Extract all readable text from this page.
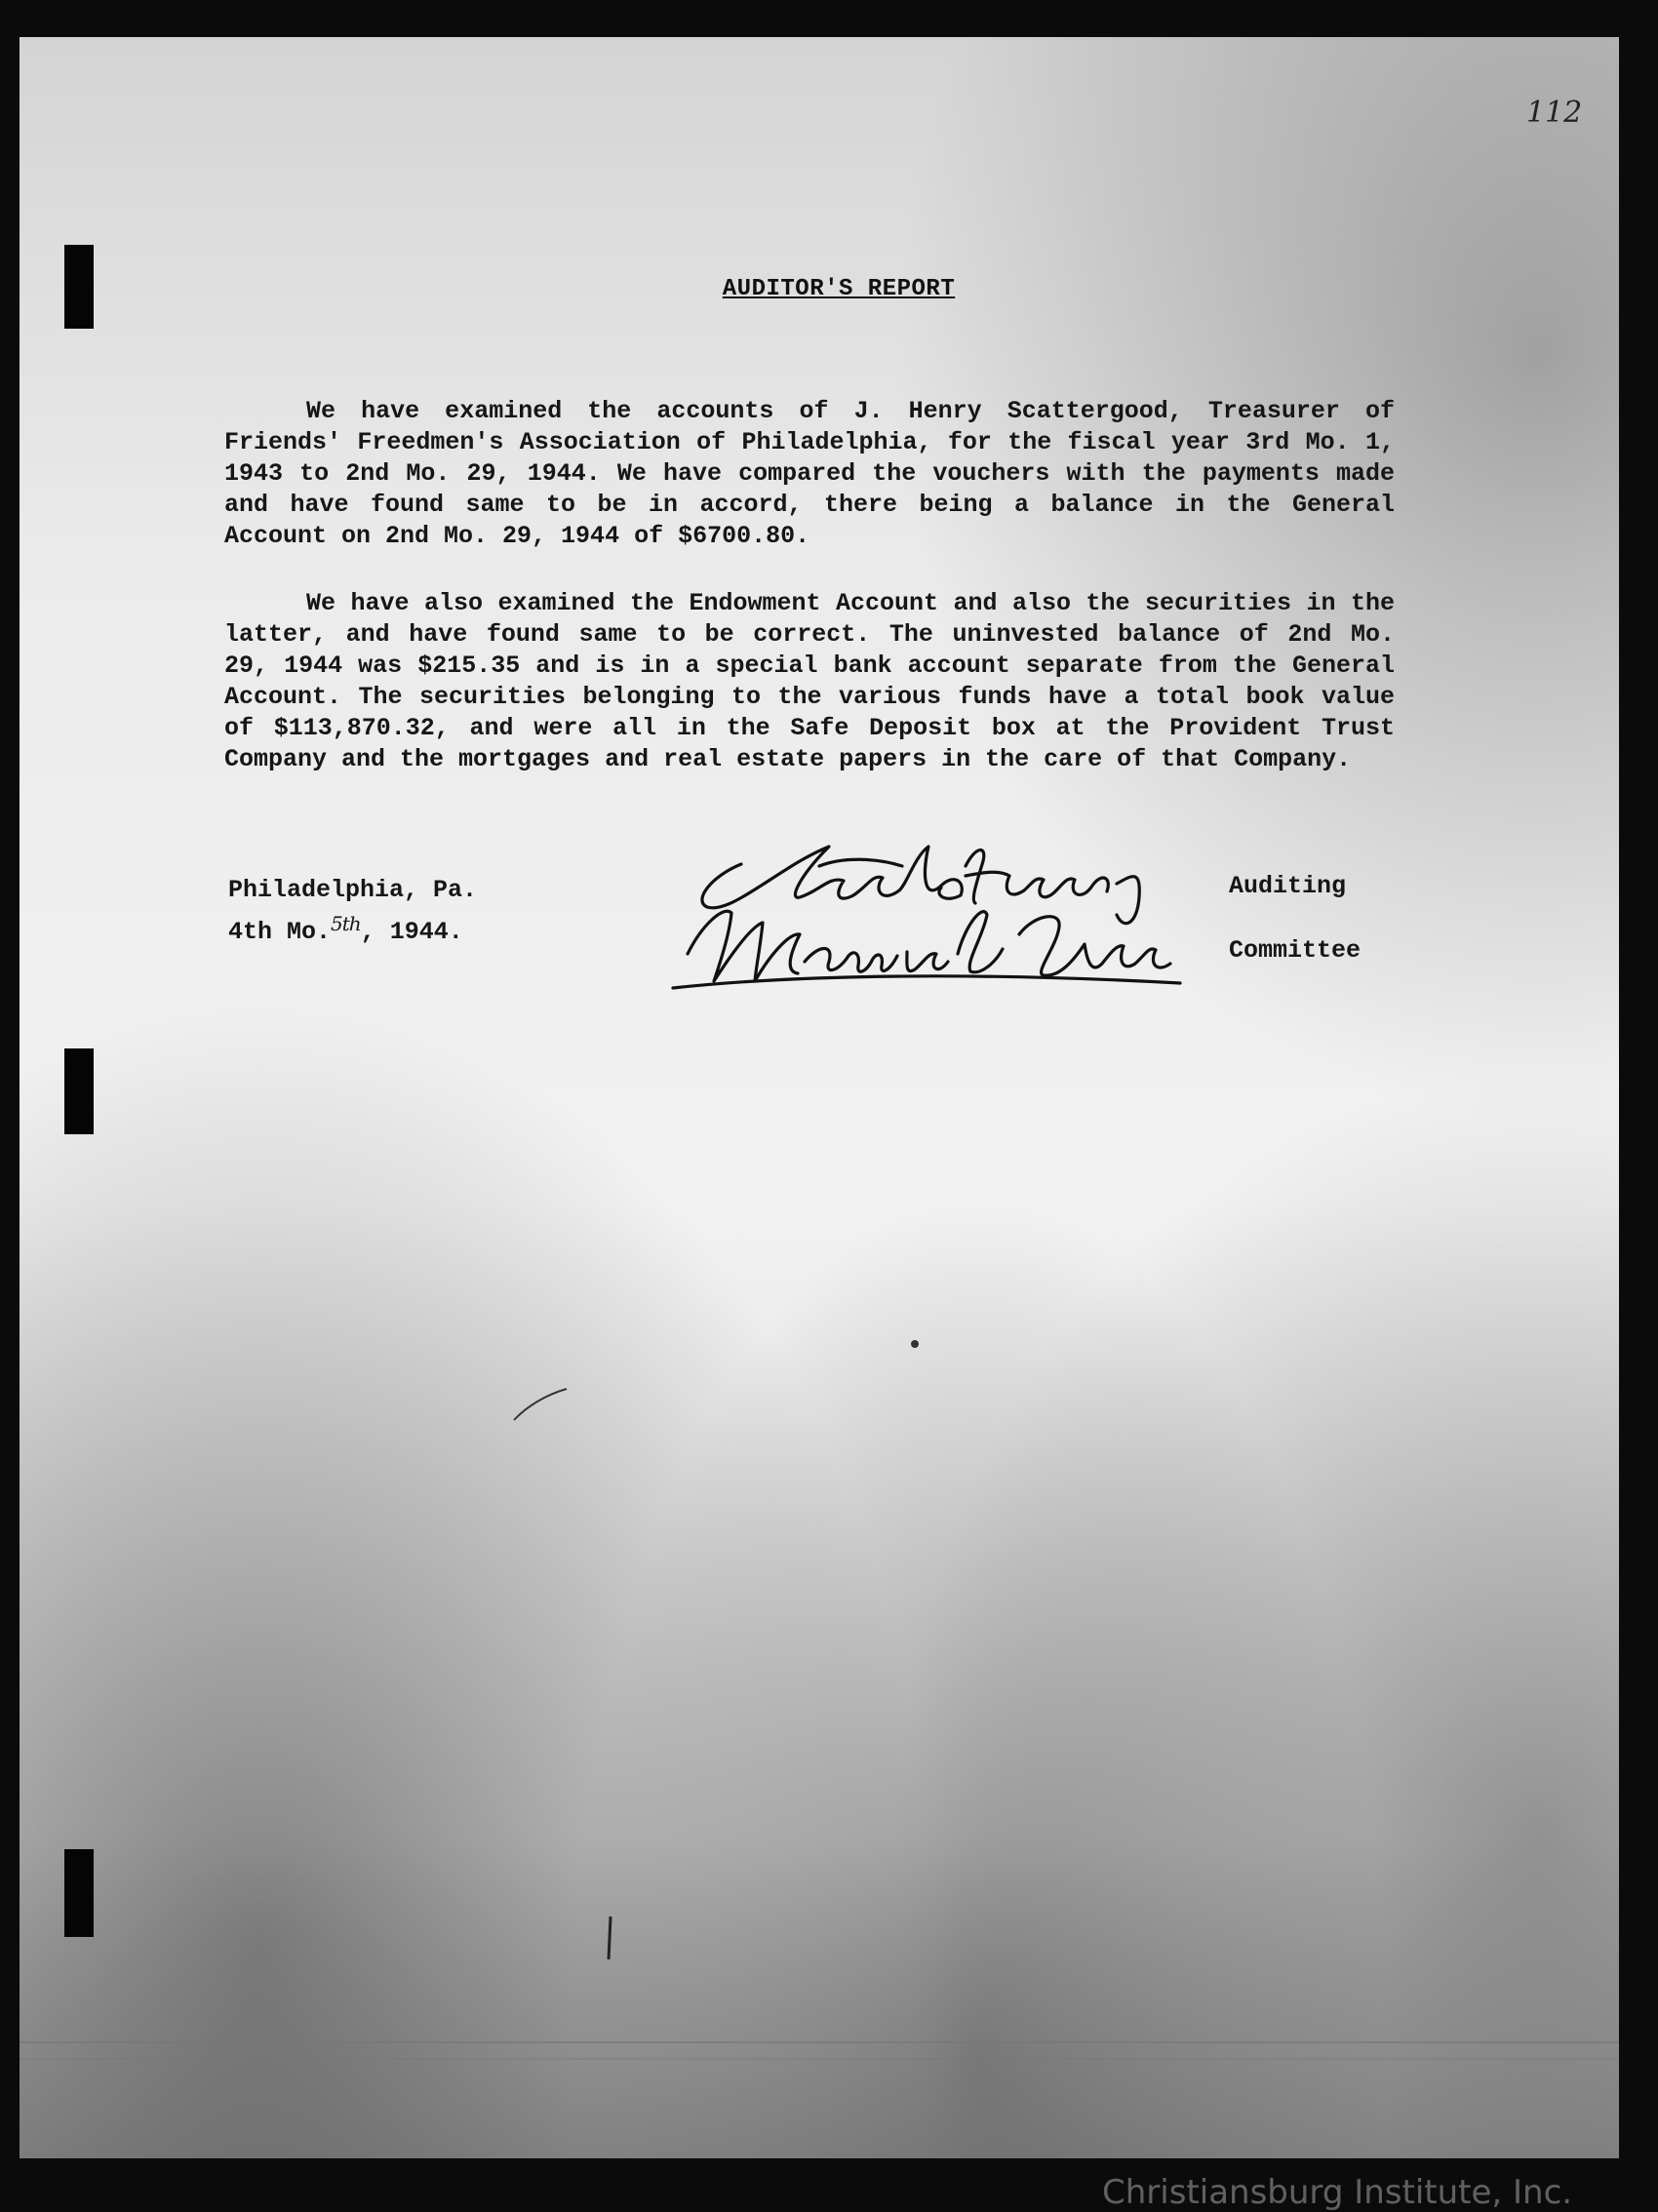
112
AUDITOR'S REPORT

We have examined the accounts of J. Henry Scattergood, Treasurer of Friends' Freedmen's Association of Philadelphia, for the fiscal year 3rd Mo. 1, 1943 to 2nd Mo. 29, 1944. We have compared the vouchers with the payments made and have found same to be in accord, there being a balance in the General Account on 2nd Mo. 29, 1944 of $6700.80.

We have also examined the Endowment Account and also the securities in the latter, and have found same to be correct. The uninvested balance of 2nd Mo. 29, 1944 was $215.35 and is in a special bank account separate from the General Account. The securities belonging to the various funds have a total book value of $113,870.32, and were all in the Safe Deposit box at the Provident Trust Company and the mortgages and real estate papers in the care of that Company.

Philadelphia, Pa.
4th Mo.$^{5th}$, 1944.
Auditing
Committee
Christiansburg Institute, Inc.
